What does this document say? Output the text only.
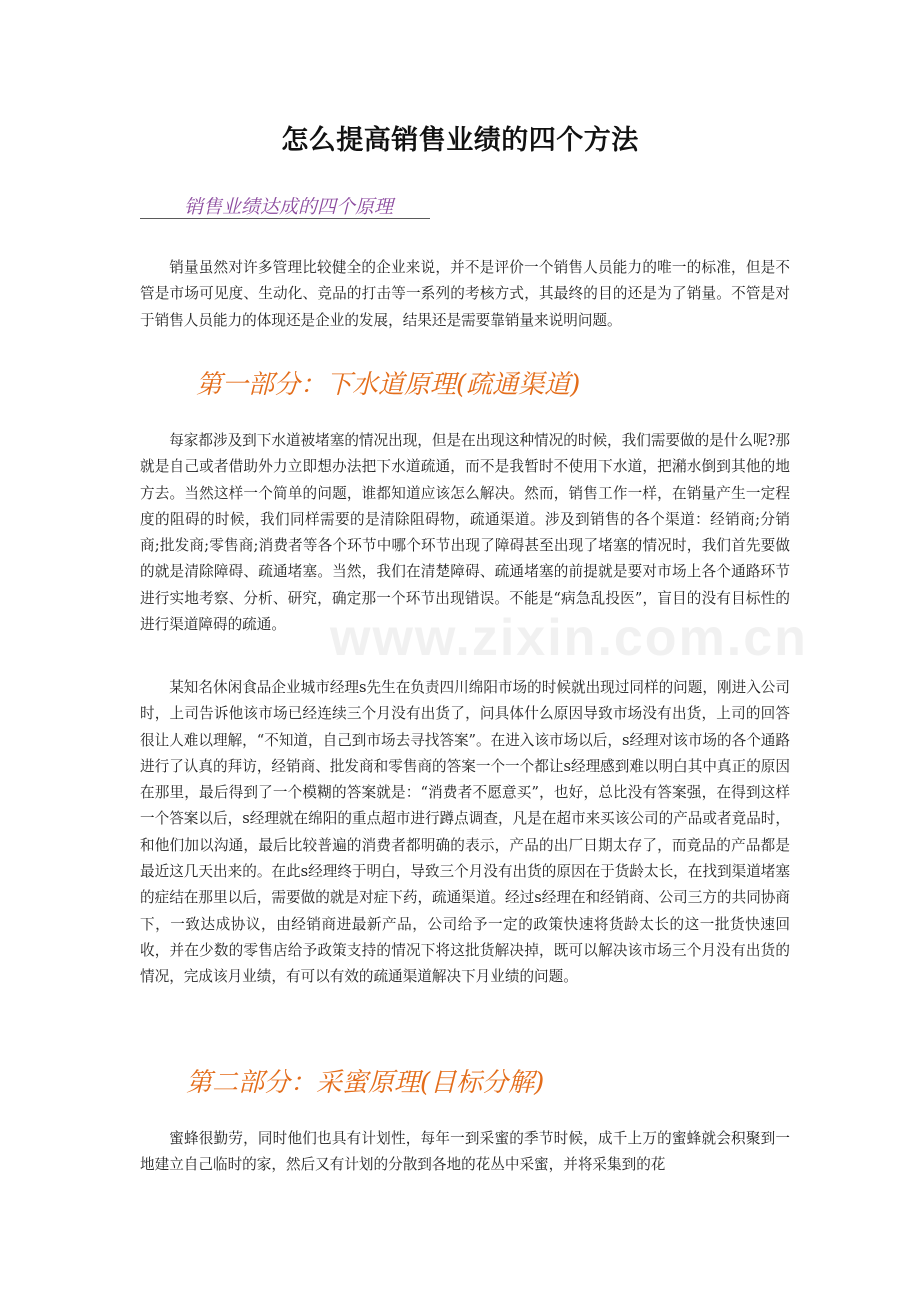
怎么提高销售业绩的四个方法
销售业绩达成的四个原理

销量虽然对许多管理比较健全的企业来说，并不是评价一个销售人员能力的唯一的标准，但是不管是市场可见度、生动化、竞品的打击等一系列的考核方式，其最终的目的还是为了销量。不管是对于销售人员能力的体现还是企业的发展，结果还是需要靠销量来说明问题。

第一部分：下水道原理(疏通渠道)

每家都涉及到下水道被堵塞的情况出现，但是在出现这种情况的时候，我们需要做的是什么呢?那就是自己或者借助外力立即想办法把下水道疏通，而不是我暂时不使用下水道，把潲水倒到其他的地方去。当然这样一个简单的问题，谁都知道应该怎么解决。然而，销售工作一样，在销量产生一定程度的阻碍的时候，我们同样需要的是清除阻碍物，疏通渠道。涉及到销售的各个渠道：经销商;分销商;批发商;零售商;消费者等各个环节中哪个环节出现了障碍甚至出现了堵塞的情况时，我们首先要做的就是清除障碍、疏通堵塞。当然，我们在清楚障碍、疏通堵塞的前提就是要对市场上各个通路环节进行实地考察、分析、研究，确定那一个环节出现错误。不能是“病急乱投医”，盲目的没有目标性的进行渠道障碍的疏通。

某知名休闲食品企业城市经理s先生在负责四川绵阳市场的时候就出现过同样的问题，刚进入公司时，上司告诉他该市场已经连续三个月没有出货了，问具体什么原因导致市场没有出货，上司的回答很让人难以理解，“不知道，自己到市场去寻找答案”。在进入该市场以后，s经理对该市场的各个通路进行了认真的拜访，经销商、批发商和零售商的答案一个一个都让s经理感到难以明白其中真正的原因在那里，最后得到了一个模糊的答案就是：“消费者不愿意买”，也好，总比没有答案强，在得到这样一个答案以后，s经理就在绵阳的重点超市进行蹲点调查，凡是在超市来买该公司的产品或者竟品时，和他们加以沟通，最后比较普遍的消费者都明确的表示，产品的出厂日期太存了，而竟品的产品都是最近这几天出来的。在此s经理终于明白，导致三个月没有出货的原因在于货龄太长，在找到渠道堵塞的症结在那里以后，需要做的就是对症下药，疏通渠道。经过s经理在和经销商、公司三方的共同协商下，一致达成协议，由经销商进最新产品，公司给予一定的政策快速将货龄太长的这一批货快速回收，并在少数的零售店给予政策支持的情况下将这批货解决掉，既可以解决该市场三个月没有出货的情况，完成该月业绩，有可以有效的疏通渠道解决下月业绩的问题。

第二部分：采蜜原理(目标分解)

蜜蜂很勤劳，同时他们也具有计划性，每年一到采蜜的季节时候，成千上万的蜜蜂就会积聚到一地建立自己临时的家，然后又有计划的分散到各地的花丛中采蜜，并将采集到的花

www.zixin.com.cn
